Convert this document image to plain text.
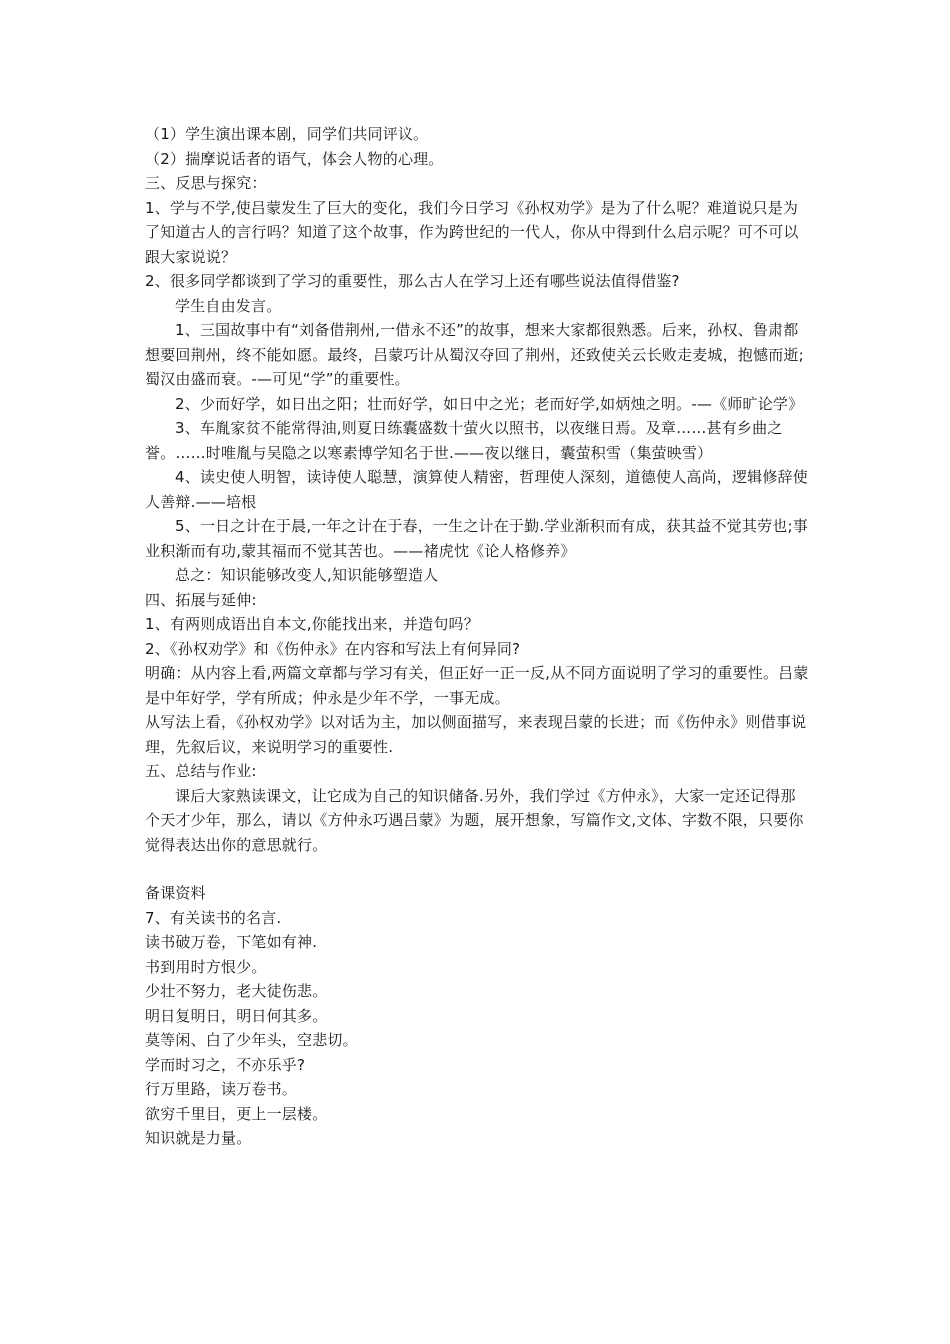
（1）学生演出课本剧，同学们共同评议。

（2）揣摩说话者的语气，体会人物的心理。

三、反思与探究：

1、学与不学,使吕蒙发生了巨大的变化，我们今日学习《孙权劝学》是为了什么呢？难道说只是为了知道古人的言行吗？知道了这个故事，作为跨世纪的一代人，你从中得到什么启示呢？可不可以跟大家说说？

2、很多同学都谈到了学习的重要性，那么古人在学习上还有哪些说法值得借鉴?

学生自由发言。

1、三国故事中有“刘备借荆州,一借永不还”的故事，想来大家都很熟悉。后来，孙权、鲁肃都想要回荆州，终不能如愿。最终，吕蒙巧计从蜀汉夺回了荆州，还致使关云长败走麦城，抱憾而逝;蜀汉由盛而衰。-—可见“学”的重要性。

2、少而好学，如日出之阳；壮而好学，如日中之光；老而好学,如炳烛之明。-—《师旷论学》

3、车胤家贫不能常得油,则夏日练囊盛数十萤火以照书，以夜继日焉。及章……甚有乡曲之誉。……时唯胤与吴隐之以寒素博学知名于世.——夜以继日，囊萤积雪（集萤映雪）

4、读史使人明智，读诗使人聪慧，演算使人精密，哲理使人深刻，道德使人高尚，逻辑修辞使人善辩.——培根

5、一日之计在于晨,一年之计在于春，一生之计在于勤.学业渐积而有成，获其益不觉其劳也;事业积渐而有功,蒙其福而不觉其苦也。——褚虎忱《论人格修养》

总之：知识能够改变人,知识能够塑造人

四、拓展与延伸:

1、有两则成语出自本文,你能找出来，并造句吗？

2、《孙权劝学》和《伤仲永》在内容和写法上有何异同?

明确：从内容上看,两篇文章都与学习有关，但正好一正一反,从不同方面说明了学习的重要性。吕蒙是中年好学，学有所成；仲永是少年不学，一事无成。

从写法上看，《孙权劝学》以对话为主，加以侧面描写，来表现吕蒙的长进；而《伤仲永》则借事说理，先叙后议，来说明学习的重要性.

五、总结与作业:

课后大家熟读课文，让它成为自己的知识储备.另外，我们学过《方仲永》，大家一定还记得那个天才少年，那么，请以《方仲永巧遇吕蒙》为题，展开想象，写篇作文,文体、字数不限，只要你觉得表达出你的意思就行。

备课资料

7、有关读书的名言.

读书破万卷，下笔如有神.

书到用时方恨少。

少壮不努力，老大徒伤悲。

明日复明日，明日何其多。

莫等闲、白了少年头，空悲切。

学而时习之，不亦乐乎?

行万里路，读万卷书。

欲穷千里目，更上一层楼。

知识就是力量。
